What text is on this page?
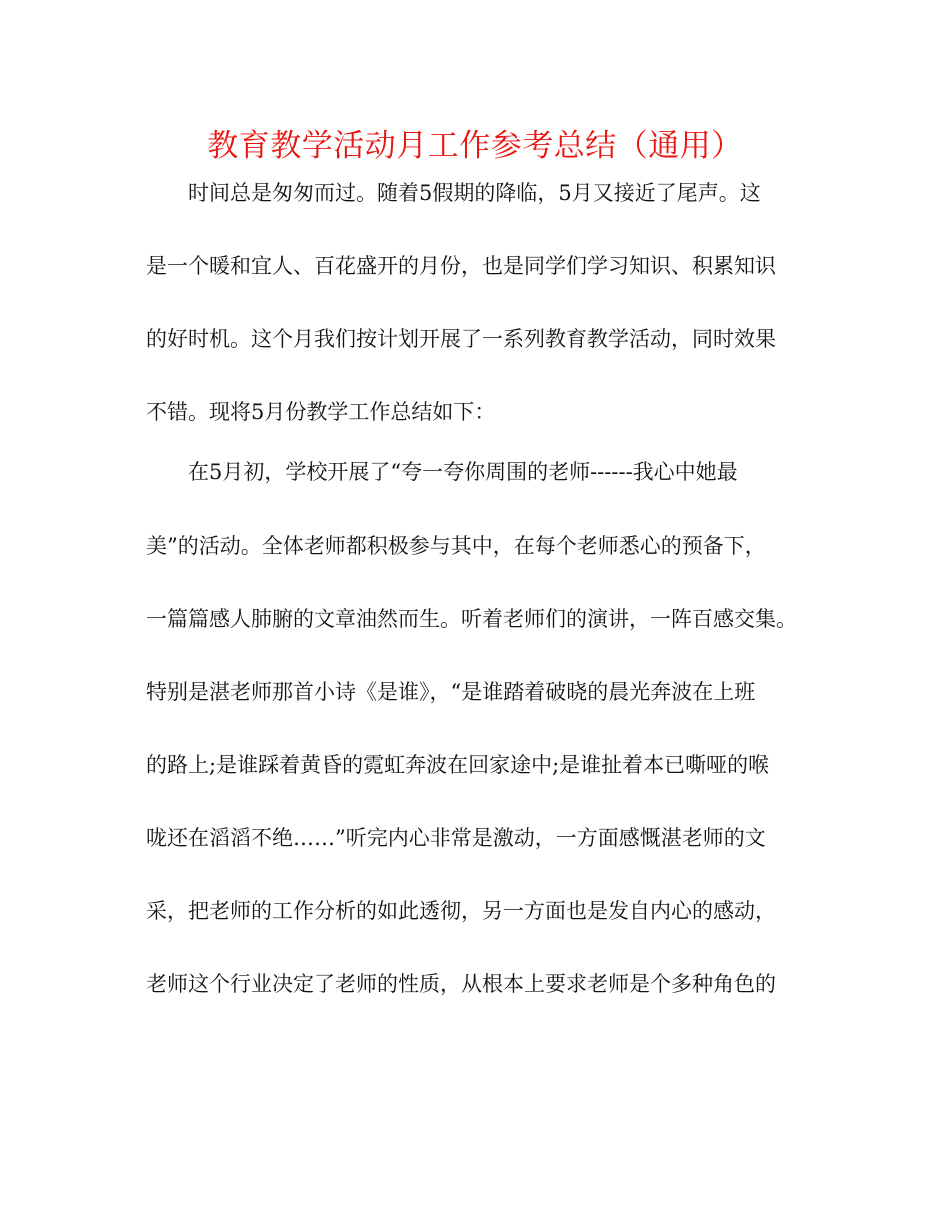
教育教学活动月工作参考总结（通用）
时间总是匆匆而过。随着5假期的降临，5月又接近了尾声。这
是一个暖和宜人、百花盛开的月份，也是同学们学习知识、积累知识
的好时机。这个月我们按计划开展了一系列教育教学活动，同时效果
不错。现将5月份教学工作总结如下：
在5月初，学校开展了“夸一夸你周围的老师------我心中她最
美”的活动。全体老师都积极参与其中，在每个老师悉心的预备下，
一篇篇感人肺腑的文章油然而生。听着老师们的演讲，一阵百感交集。
特别是湛老师那首小诗《是谁》，“是谁踏着破晓的晨光奔波在上班
的路上;是谁踩着黄昏的霓虹奔波在回家途中;是谁扯着本已嘶哑的喉
咙还在滔滔不绝……”听完内心非常是激动，一方面感慨湛老师的文
采，把老师的工作分析的如此透彻，另一方面也是发自内心的感动，
老师这个行业决定了老师的性质，从根本上要求老师是个多种角色的
